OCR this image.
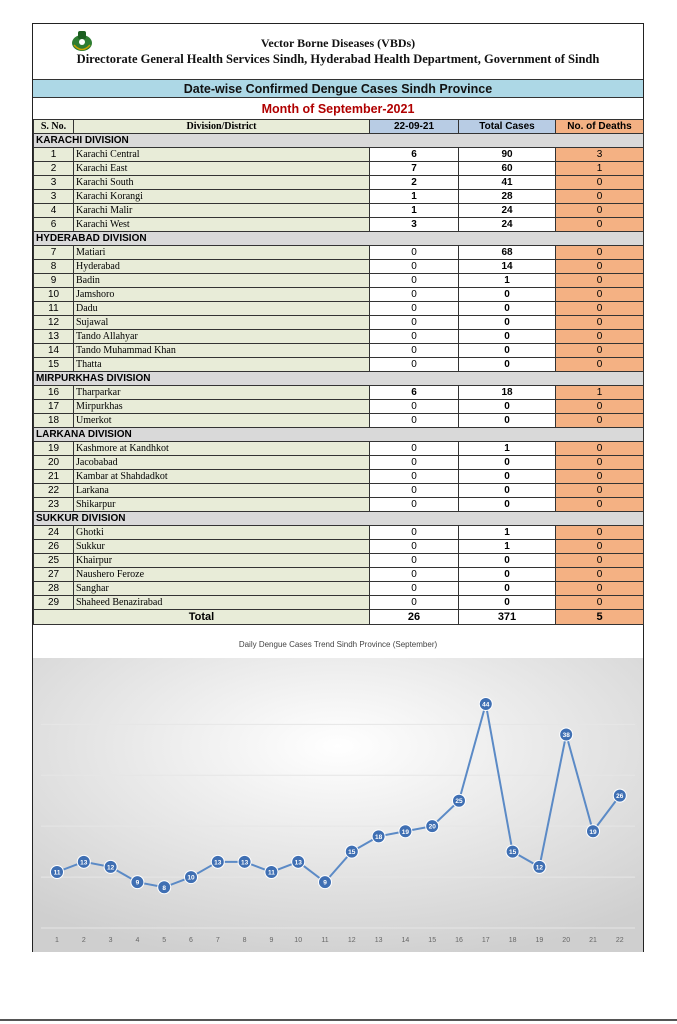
Vector Borne Diseases (VBDs)
Directorate General Health Services Sindh, Hyderabad Health Department, Government of Sindh
Date-wise Confirmed Dengue Cases Sindh Province
Month of September-2021
S. No.	Division/District	22-09-21	Total Cases	No. of Deaths
KARACHI DIVISION				
1	Karachi Central	6	90	3
2	Karachi East	7	60	1
3	Karachi South	2	41	0
3	Karachi Korangi	1	28	0
4	Karachi Malir	1	24	0
6	Karachi West	3	24	0
HYDERABAD DIVISION				
7	Matiari	0	68	0
8	Hyderabad	0	14	0
9	Badin	0	1	0
10	Jamshoro	0	0	0
11	Dadu	0	0	0
12	Sujawal	0	0	0
13	Tando Allahyar	0	0	0
14	Tando Muhammad Khan	0	0	0
15	Thatta	0	0	0
MIRPURKHAS DIVISION				
16	Tharparkar	6	18	1
17	Mirpurkhas	0	0	0
18	Umerkot	0	0	0
LARKANA DIVISION				
19	Kashmore at Kandhkot	0	1	0
20	Jacobabad	0	0	0
21	Kambar at Shahdadkot	0	0	0
22	Larkana	0	0	0
23	Shikarpur	0	0	0
SUKKUR DIVISION				
24	Ghotki	0	1	0
26	Sukkur	0	1	0
25	Khairpur	0	0	0
27	Naushero Feroze	0	0	0
28	Sanghar	0	0	0
29	Shaheed Benazirabad	0	0	0
Total		26	371	5
Daily Dengue Cases Trend Sindh Province (September)
11
1
13
2
12
3
9
4
8
5
10
6
13
7
13
8
11
9
13
10
9
11
15
12
18
13
19
14
20
15
25
16
44
17
15
18
12
19
38
20
19
21
26
22
